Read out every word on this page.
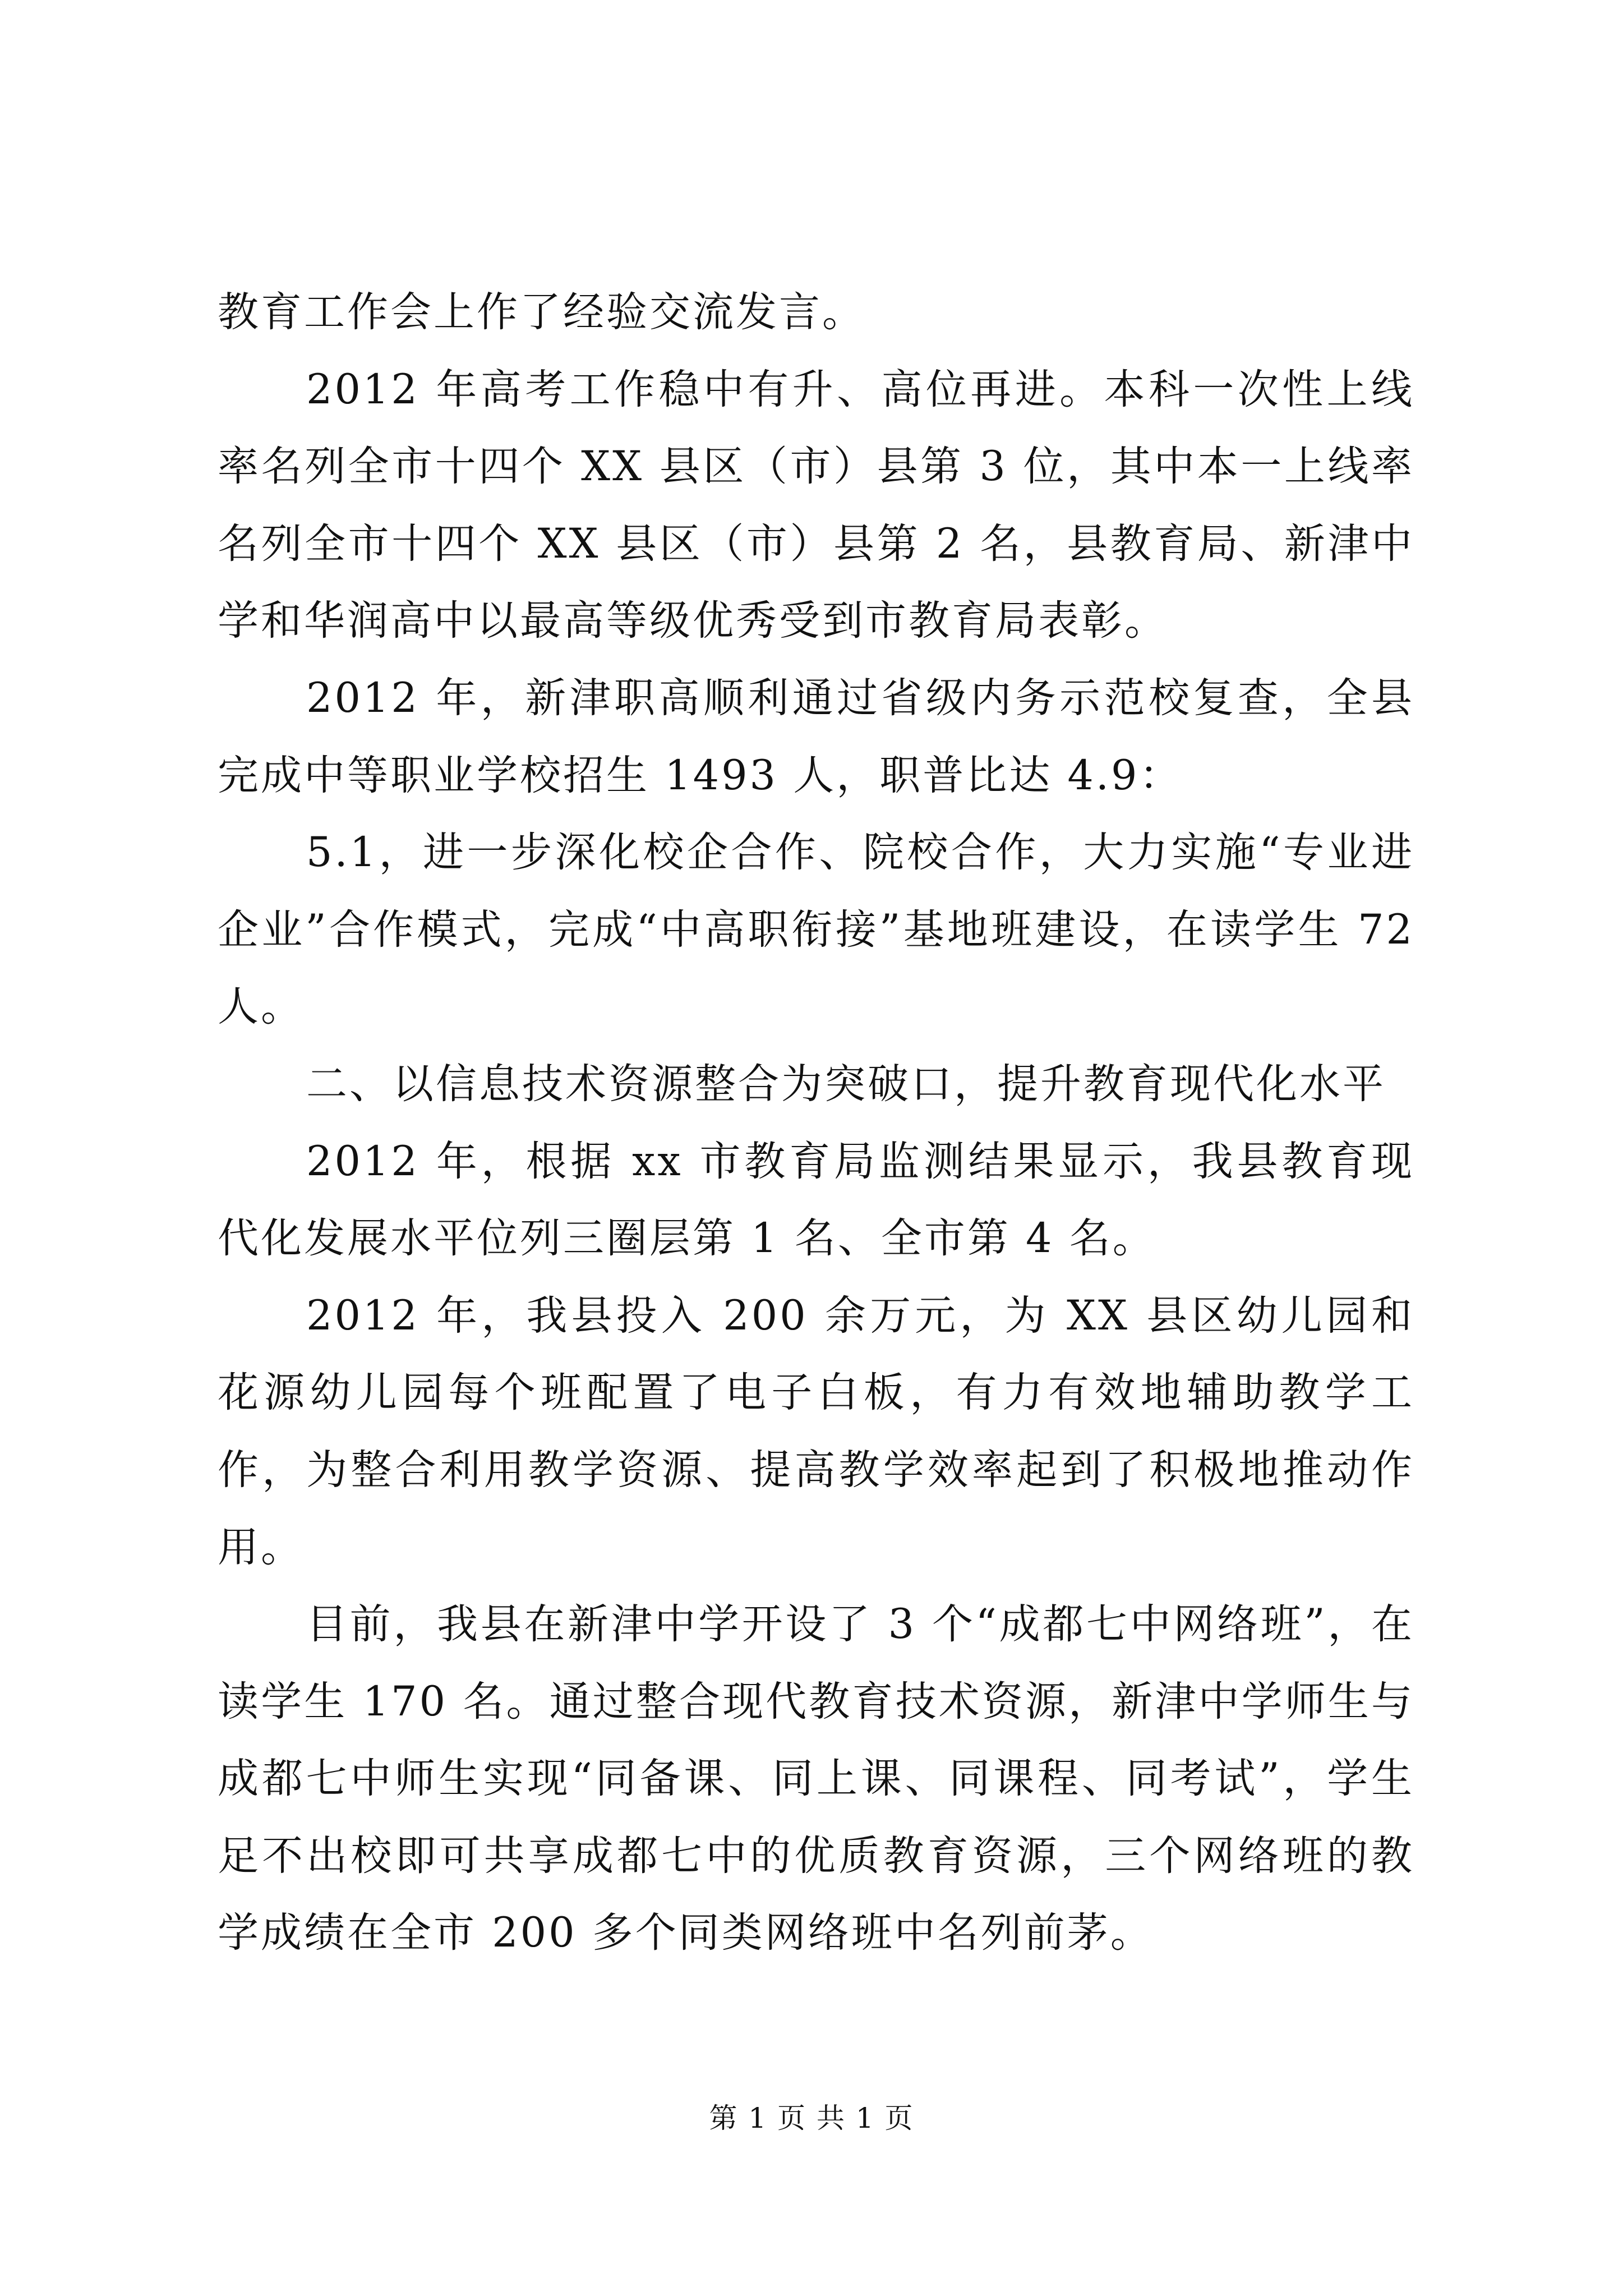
教育工作会上作了经验交流发言。

2012 年高考工作稳中有升、高位再进。本科一次性上线率名列全市十四个 XX 县区（市）县第 3 位，其中本一上线率名列全市十四个 XX 县区（市）县第 2 名，县教育局、新津中学和华润高中以最高等级优秀受到市教育局表彰。

2012 年，新津职高顺利通过省级内务示范校复查，全县完成中等职业学校招生 1493 人，职普比达 4.9：

5.1，进一步深化校企合作、院校合作，大力实施“专业进企业”合作模式，完成“中高职衔接”基地班建设，在读学生 72 人。

二、以信息技术资源整合为突破口，提升教育现代化水平

2012 年，根据 xx 市教育局监测结果显示，我县教育现代化发展水平位列三圈层第 1 名、全市第 4 名。

2012 年，我县投入 200 余万元，为 XX 县区幼儿园和花源幼儿园每个班配置了电子白板，有力有效地辅助教学工作，为整合利用教学资源、提高教学效率起到了积极地推动作用。

目前，我县在新津中学开设了 3 个“成都七中网络班”，在读学生 170 名。通过整合现代教育技术资源，新津中学师生与成都七中师生实现“同备课、同上课、同课程、同考试”，学生足不出校即可共享成都七中的优质教育资源，三个网络班的教学成绩在全市 200 多个同类网络班中名列前茅。

第 1 页 共 1 页
